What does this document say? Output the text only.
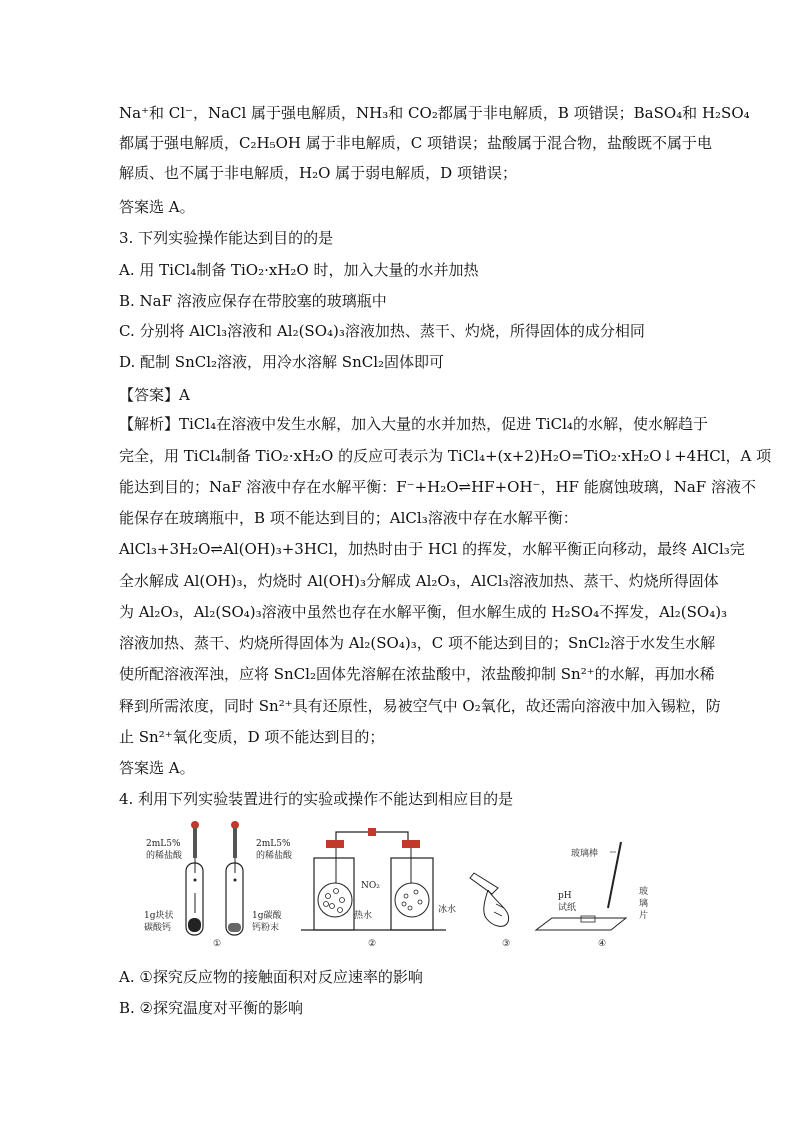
Na⁺和 Cl⁻，NaCl 属于强电解质，NH₃和 CO₂都属于非电解质，B 项错误；BaSO₄和 H₂SO₄
都属于强电解质，C₂H₅OH 属于非电解质，C 项错误；盐酸属于混合物，盐酸既不属于电
解质、也不属于非电解质，H₂O 属于弱电解质，D 项错误；
答案选 A。
3. 下列实验操作能达到目的的是
A. 用 TiCl₄制备 TiO₂·xH₂O 时，加入大量的水并加热
B. NaF 溶液应保存在带胶塞的玻璃瓶中
C. 分别将 AlCl₃溶液和 Al₂(SO₄)₃溶液加热、蒸干、灼烧，所得固体的成分相同
D. 配制 SnCl₂溶液，用冷水溶解 SnCl₂固体即可
【答案】A
【解析】TiCl₄在溶液中发生水解，加入大量的水并加热，促进 TiCl₄的水解，使水解趋于
完全，用 TiCl₄制备 TiO₂·xH₂O 的反应可表示为 TiCl₄+(x+2)H₂O=TiO₂·xH₂O↓+4HCl，A 项
能达到目的；NaF 溶液中存在水解平衡：F⁻+H₂O⇌HF+OH⁻，HF 能腐蚀玻璃，NaF 溶液不
能保存在玻璃瓶中，B 项不能达到目的；AlCl₃溶液中存在水解平衡：
AlCl₃+3H₂O⇌Al(OH)₃+3HCl，加热时由于 HCl 的挥发，水解平衡正向移动，最终 AlCl₃完
全水解成 Al(OH)₃，灼烧时 Al(OH)₃分解成 Al₂O₃，AlCl₃溶液加热、蒸干、灼烧所得固体
为 Al₂O₃，Al₂(SO₄)₃溶液中虽然也存在水解平衡，但水解生成的 H₂SO₄不挥发，Al₂(SO₄)₃
溶液加热、蒸干、灼烧所得固体为 Al₂(SO₄)₃，C 项不能达到目的；SnCl₂溶于水发生水解
使所配溶液浑浊，应将 SnCl₂固体先溶解在浓盐酸中，浓盐酸抑制 Sn²⁺的水解，再加水稀
释到所需浓度，同时 Sn²⁺具有还原性，易被空气中 O₂氧化，故还需向溶液中加入锡粒，防
止 Sn²⁺氧化变质，D 项不能达到目的；
答案选 A。
4. 利用下列实验装置进行的实验或操作不能达到相应目的是
2mL5%
的稀盐酸
1g块状
碳酸钙
2mL5%
的稀盐酸
1g碳酸
钙粉末
①
NO₂
热水
冰水
②	③
玻璃棒
pH
试纸
玻
璃
片
④
A. ①探究反应物的接触面积对反应速率的影响
B. ②探究温度对平衡的影响
